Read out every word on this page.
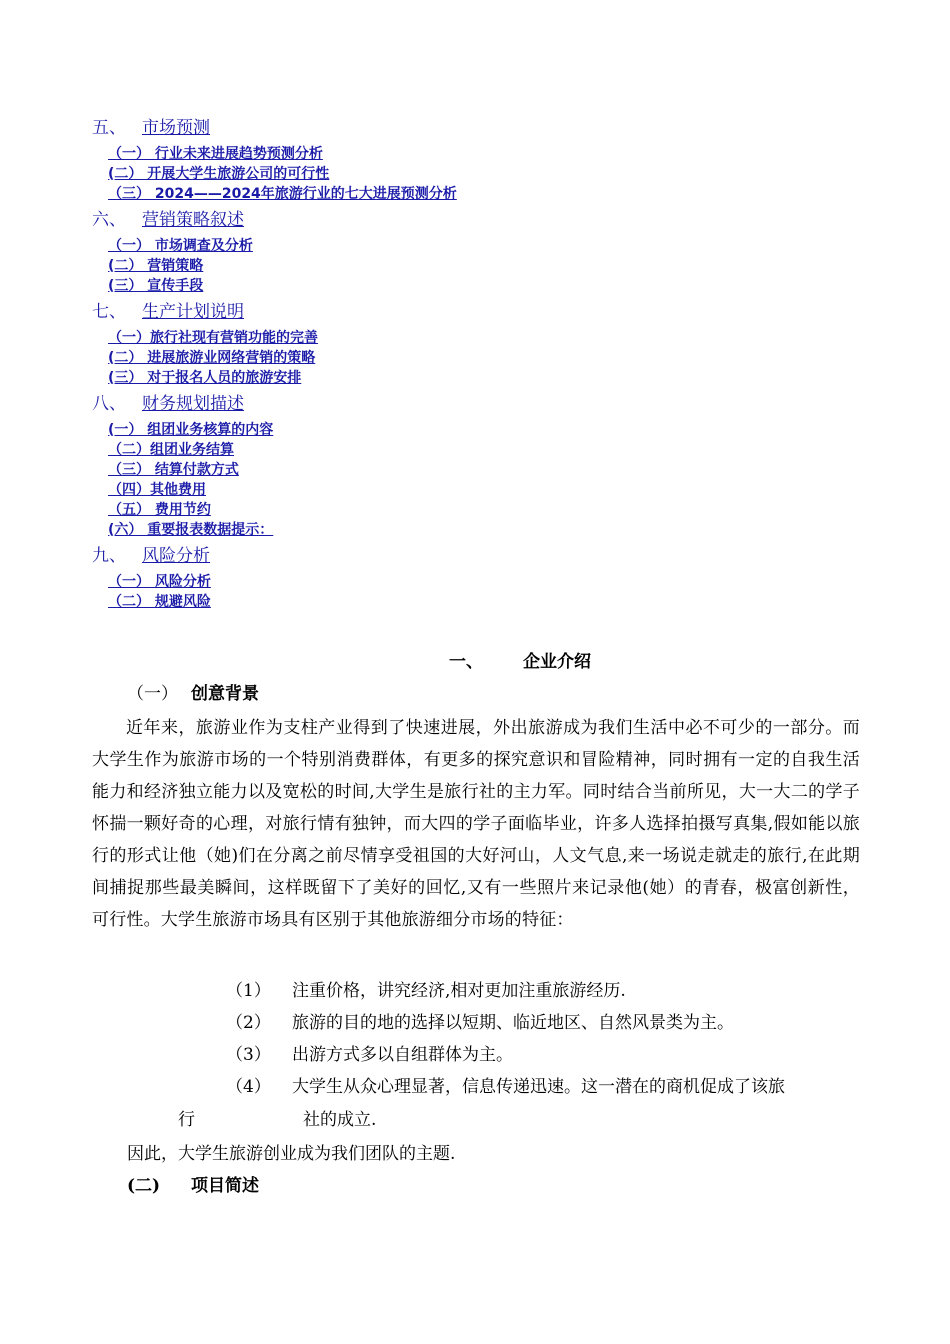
五、 市场预测
（一） 行业未来进展趋势预测分析
(二） 开展大学生旅游公司的可行性
（三） 2024——2024年旅游行业的七大进展预测分析
六、 营销策略叙述
（一） 市场调查及分析
(二） 营销策略
(三） 宣传手段
七、 生产计划说明
（一）旅行社现有营销功能的完善
(二） 进展旅游业网络营销的策略
(三） 对于报名人员的旅游安排
八、 财务规划描述
(一） 组团业务核算的内容
（二）组团业务结算
（三） 结算付款方式
（四）其他费用
（五） 费用节约
(六） 重要报表数据提示：
九、 风险分析
（一） 风险分析
（二） 规避风险
一、 企业介绍
（一） 创意背景

近年来，旅游业作为支柱产业得到了快速进展，外出旅游成为我们生活中必不可少的一部分。而大学生作为旅游市场的一个特别消费群体，有更多的探究意识和冒险精神，同时拥有一定的自我生活能力和经济独立能力以及宽松的时间,大学生是旅行社的主力军。同时结合当前所见，大一大二的学子怀揣一颗好奇的心理，对旅行情有独钟，而大四的学子面临毕业，许多人选择拍摄写真集,假如能以旅行的形式让他（她)们在分离之前尽情享受祖国的大好河山，人文气息,来一场说走就走的旅行,在此期间捕捉那些最美瞬间，这样既留下了美好的回忆,又有一些照片来记录他(她）的青春，极富创新性，可行性。大学生旅游市场具有区别于其他旅游细分市场的特征：

（1）	注重价格，讲究经济,相对更加注重旅游经历.
（2）	旅游的目的地的选择以短期、临近地区、自然风景类为主。
（3）	出游方式多以自组群体为主。
（4）	大学生从众心理显著，信息传递迅速。这一潜在的商机促成了该旅
行	社的成立.
因此，大学生旅游创业成为我们团队的主题.
(二) 项目简述
